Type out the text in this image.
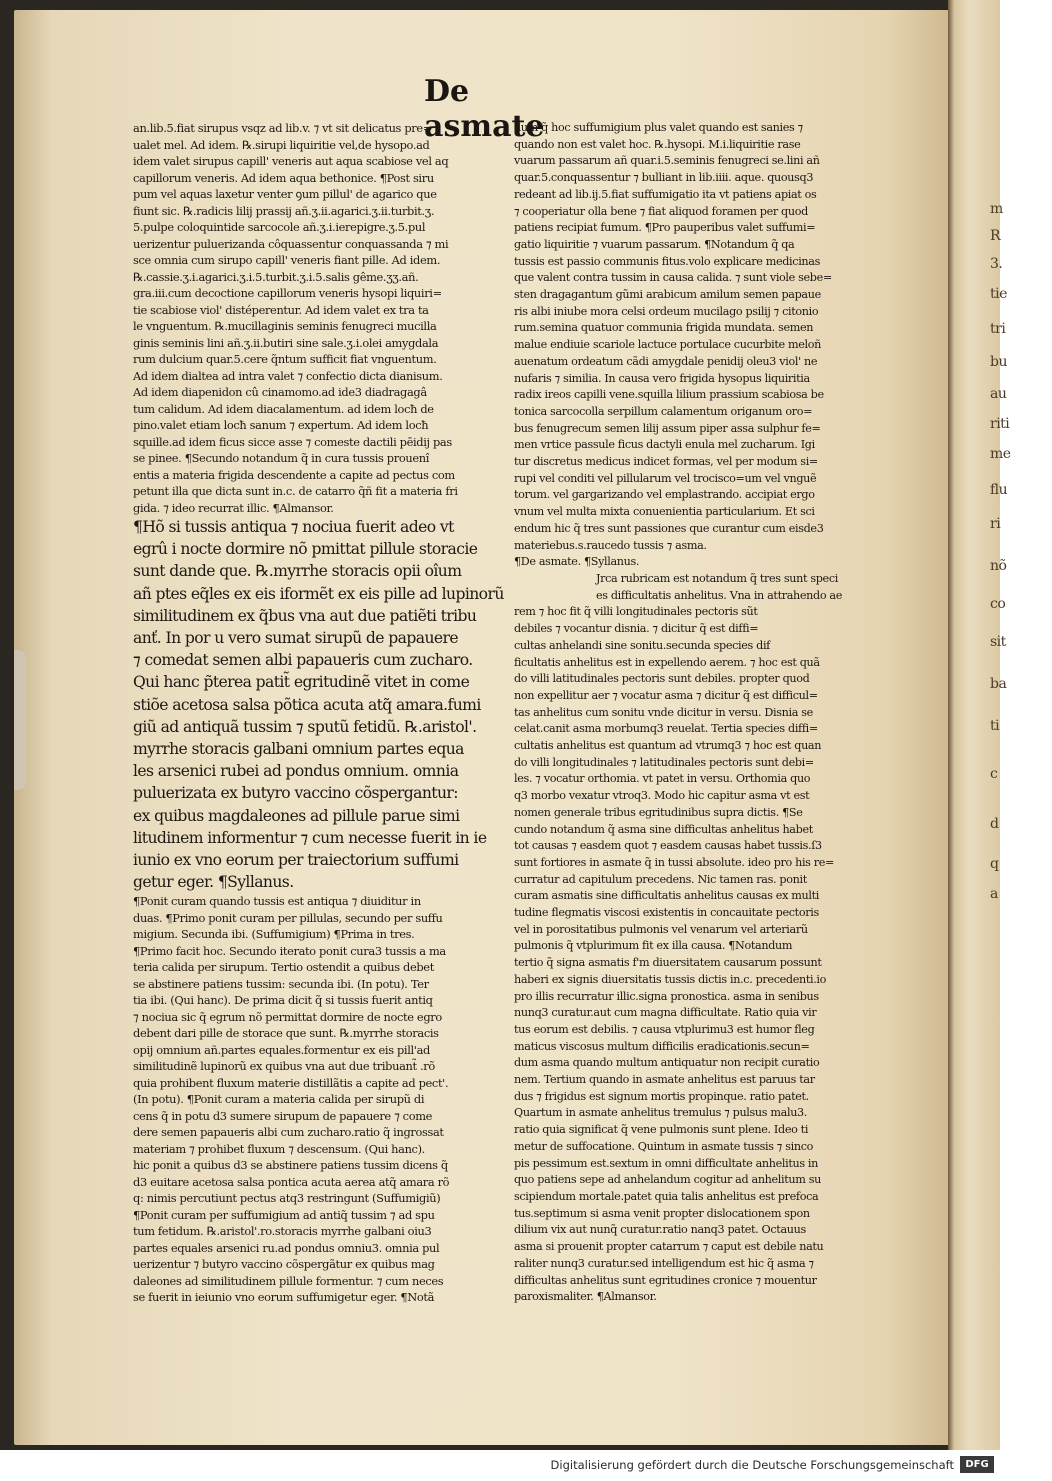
m
R
3.
tie
tri
bu
au
riti
me
flu
ri
nõ
co
sit
ba
ti
c
d
q
a
De asmate
an.lib.5.fiat sirupus vsqz ad lib.v. ⁊ vt sit delicatus pre=
ualet mel. Ad idem. ℞.sirupi liquiritie vel,de hysopo.ad
idem valet sirupus capill' veneris aut aqua scabiose vel aq
capillorum veneris. Ad idem aqua bethonice. ¶Post siru
pum vel aquas laxetur venter ꝯum pillul' de agarico que
fiunt sic. ℞.radicis lilij prassij añ.ʒ.ii.agarici.ʒ.ii.turbit.ʒ.
5.pulpe coloquintide sarcocole añ.ʒ.i.ierepigre.ʒ.5.pul
uerizentur puluerizanda côquassentur conquassanda ⁊ mi
sce omnia cum sirupo capill' veneris fiant pille. Ad idem.
℞.cassie.ʒ.i.agarici.ʒ.i.5.turbit.ʒ.i.5.salis gême.ʒʒ.añ.
gra.iii.cum decoctione capillorum veneris hysopi liquiri=
tie scabiose viol' distéperentur. Ad idem valet ex tra ta
le vnguentum. ℞.mucillaginis seminis fenugreci mucilla
ginis seminis lini añ.ʒ.ii.butiri sine sale.ʒ.i.olei amygdala
rum dulcium quar.5.cere q̃ntum sufficit fiat vnguentum.
Ad idem dialtea ad intra valet ⁊ confectio dicta dianisum.
Ad idem diapenidon cû cinamomo.ad ide3 diadragagâ
tum calidum. Ad idem diacalamentum. ad idem locħ de
pino.valet etiam locħ sanum ⁊ expertum. Ad idem locħ
squille.ad idem ficus sicce asse ⁊ comeste dactili pēidij pas
se pinee. ¶Secundo notandum q̃ in cura tussis prouenî
entis a materia frigida descendente a capite ad pectus com
petunt illa que dicta sunt in.c. de catarro q̃ñ fit a materia fri
gida. ⁊ ideo recurrat illic. ¶Almansor.
¶Hõ si tussis antiqua ⁊ nociua fuerit adeo vt
egrû i nocte dormire nõ pmittat pillule storacie
sunt dande que. ℞.myrrhe storacis opii oîum
añ ptes eq̃les ex eis iformẽt ex eis pille ad lupinorũ
similitudinem ex q̃bus vna aut due patiẽti tribu
anť. In por u vero sumat sirupũ de papauere
⁊ comedat semen albi papaueris cum zucharo.
Qui hanc p̃terea patit̃ egritudinẽ vitet in come
stiõe acetosa salsa põtica acuta atq̃ amara.fumi
giũ ad antiquã tussim ⁊ sputũ fetidũ. ℞.aristol'.
myrrhe storacis galbani omnium partes equa
les arsenici rubei ad pondus omnium. omnia
puluerizata ex butyro vaccino cõspergantur:
ex quibus magdaleones ad pillule parue simi
litudinem informentur ⁊ cum necesse fuerit in ie
iunio ex vno eorum per traiectorium suffumi
getur eger. ¶Syllanus.
¶Ponit curam quando tussis est antiqua ⁊ diuiditur in
duas. ¶Primo ponit curam per pillulas, secundo per suffu
migium. Secunda ibi. (Suffumigium) ¶Prima in tres.
¶Primo facit hoc. Secundo iterato ponit cura3 tussis a ma
teria calida per sirupum. Tertio ostendit a quibus debet
se abstinere patiens tussim: secunda ibi. (In potu). Ter
tia ibi. (Qui hanc). De prima dicit q̃ si tussis fuerit antiq
⁊ nociua sic q̃ egrum nõ permittat dormire de nocte egro
debent dari pille de storace que sunt. ℞.myrrhe storacis
opij omnium añ.partes equales.formentur ex eis pill'ad
similitudinẽ lupinorũ ex quibus vna aut due tribuant̃ .rõ
quia prohibent fluxum materie distillãtis a capite ad pect'.
(In potu). ¶Ponit curam a materia calida per sirupũ di
cens q̃ in potu d3 sumere sirupum de papauere ⁊ come
dere semen papaueris albi cum zucharo.ratio q̃ ingrossat
materiam ⁊ prohibet fluxum ⁊ descensum. (Qui hanc).
hic ponit a quibus d3 se abstinere patiens tussim dicens q̃
d3 euitare acetosa salsa pontica acuta aerea atq̃ amara rõ
q: nimis percutiunt pectus atq3 restringunt (Suffumigiũ)
¶Ponit curam per suffumigium ad antiq̃ tussim ⁊ ad spu
tum fetidum. ℞.aristol'.ro.storacis myrrhe galbani oiu3
partes equales arsenici ru.ad pondus omniu3. omnia pul
uerizentur ⁊ butyro vaccino cõspergãtur ex quibus mag
daleones ad similitudinem pillule formentur. ⁊ cum neces
se fuerit in ieiunio vno eorum suffumigetur eger. ¶Notã
dum q̃ hoc suffumigium plus valet quando est sanies ⁊
quando non est valet hoc. ℞.hysopi. M.i.liquiritie rase
vuarum passarum añ quar.i.5.seminis fenugreci se.lini añ
quar.5.conquassentur ⁊ bulliant in lib.iiii. aque. quousq3
redeant ad lib.ij.5.fiat suffumigatio ita vt patiens apiat os
⁊ cooperiatur olla bene ⁊ fiat aliquod foramen per quod
patiens recipiat fumum. ¶Pro pauperibus valet suffumi=
gatio liquiritie ⁊ vuarum passarum. ¶Notandum q̃ qa
tussis est passio communis fitus.volo explicare medicinas
que valent contra tussim in causa calida. ⁊ sunt viole sebe=
sten dragagantum gũmi arabicum amilum semen papaue
ris albi iniube mora celsi ordeum mucilago psilij ⁊ citonio
rum.semina quatuor communia frigida mundata. semen
malue endiuie scariole lactuce portulace cucurbite meloñ
auenatum ordeatum cãdi amygdale penidij oleu3 viol' ne
nufaris ⁊ similia. In causa vero frigida hysopus liquiritia
radix ireos capilli vene.squilla lilium prassium scabiosa be
tonica sarcocolla serpillum calamentum origanum oro=
bus fenugrecum semen lilij assum piper assa sulphur fe=
men vrtice passule ficus dactyli enula mel zucharum. Igi
tur discretus medicus indicet formas, vel per modum si=
rupi vel conditi vel pillularum vel trocisco=um vel vnguẽ
torum. vel gargarizando vel emplastrando. accipiat ergo
vnum vel multa mixta conuenientia particularium. Et sci
endum hic q̃ tres sunt passiones que curantur cum eisde3
materiebus.s.raucedo tussis ⁊ asma.
¶De asmate. ¶Syllanus.
Jrca rubricam est notandum q̃ tres sunt speci
es difficultatis anhelitus. Vna in attrahendo ae
rem ⁊ hoc fit q̃ villi longitudinales pectoris sũt
debiles ⁊ vocantur disnia. ⁊ dicitur q̃ est diffi=
cultas anhelandi sine sonitu.secunda species dif
ficultatis anhelitus est in expellendo aerem. ⁊ hoc est quã
do villi latitudinales pectoris sunt debiles. propter quod
non expellitur aer ⁊ vocatur asma ⁊ dicitur q̃ est difficul=
tas anhelitus cum sonitu vnde dicitur in versu. Disnia se
celat.canit asma morbumq3 reuelat. Tertia species diffi=
cultatis anhelitus est quantum ad vtrumq3 ⁊ hoc est quan
do villi longitudinales ⁊ latitudinales pectoris sunt debi=
les. ⁊ vocatur orthomia. vt patet in versu. Orthomia quo
q3 morbo vexatur vtroq3. Modo hic capitur asma vt est
nomen generale tribus egritudinibus supra dictis. ¶Se
cundo notandum q̃ asma sine difficultas anhelitus habet
tot causas ⁊ easdem quot ⁊ easdem causas habet tussis.ſ3
sunt fortiores in asmate q̃ in tussi absolute. ideo pro his re=
curratur ad capitulum precedens. Nic tamen ras. ponit
curam asmatis sine difficultatis anhelitus causas ex multi
tudine flegmatis viscosi existentis in concauitate pectoris
vel in porositatibus pulmonis vel venarum vel arteriarũ
pulmonis q̃ vtplurimum fit ex illa causa. ¶Notandum
tertio q̃ signa asmatis f'm diuersitatem causarum possunt
haberi ex signis diuersitatis tussis dictis in.c. precedenti.io
pro illis recurratur illic.signa pronostica. asma in senibus
nunq3 curatur.aut cum magna difficultate. Ratio quia vir
tus eorum est debilis. ⁊ causa vtplurimu3 est humor fleg
maticus viscosus multum difficilis eradicationis.secun=
dum asma quando multum antiquatur non recipit curatio
nem. Tertium quando in asmate anhelitus est paruus tar
dus ⁊ frigidus est signum mortis propinque. ratio patet.
Quartum in asmate anhelitus tremulus ⁊ pulsus malu3.
ratio quia significat q̃ vene pulmonis sunt plene. Ideo ti
metur de suffocatione. Quintum in asmate tussis ⁊ sinco
pis pessimum est.sextum in omni difficultate anhelitus in
quo patiens sepe ad anhelandum cogitur ad anhelitum su
scipiendum mortale.patet quia talis anhelitus est prefoca
tus.septimum si asma venit propter dislocationem spon
dilium vix aut nunq̃ curatur.ratio nanq3 patet. Octauus
asma si prouenit propter catarrum ⁊ caput est debile natu
raliter nunq3 curatur.sed intelligendum est hic q̃ asma ⁊
difficultas anhelitus sunt egritudines cronice ⁊ mouentur
paroxismaliter. ¶Almansor.
Digitalisierung gefördert durch die Deutsche Forschungsgemeinschaft	DFG
